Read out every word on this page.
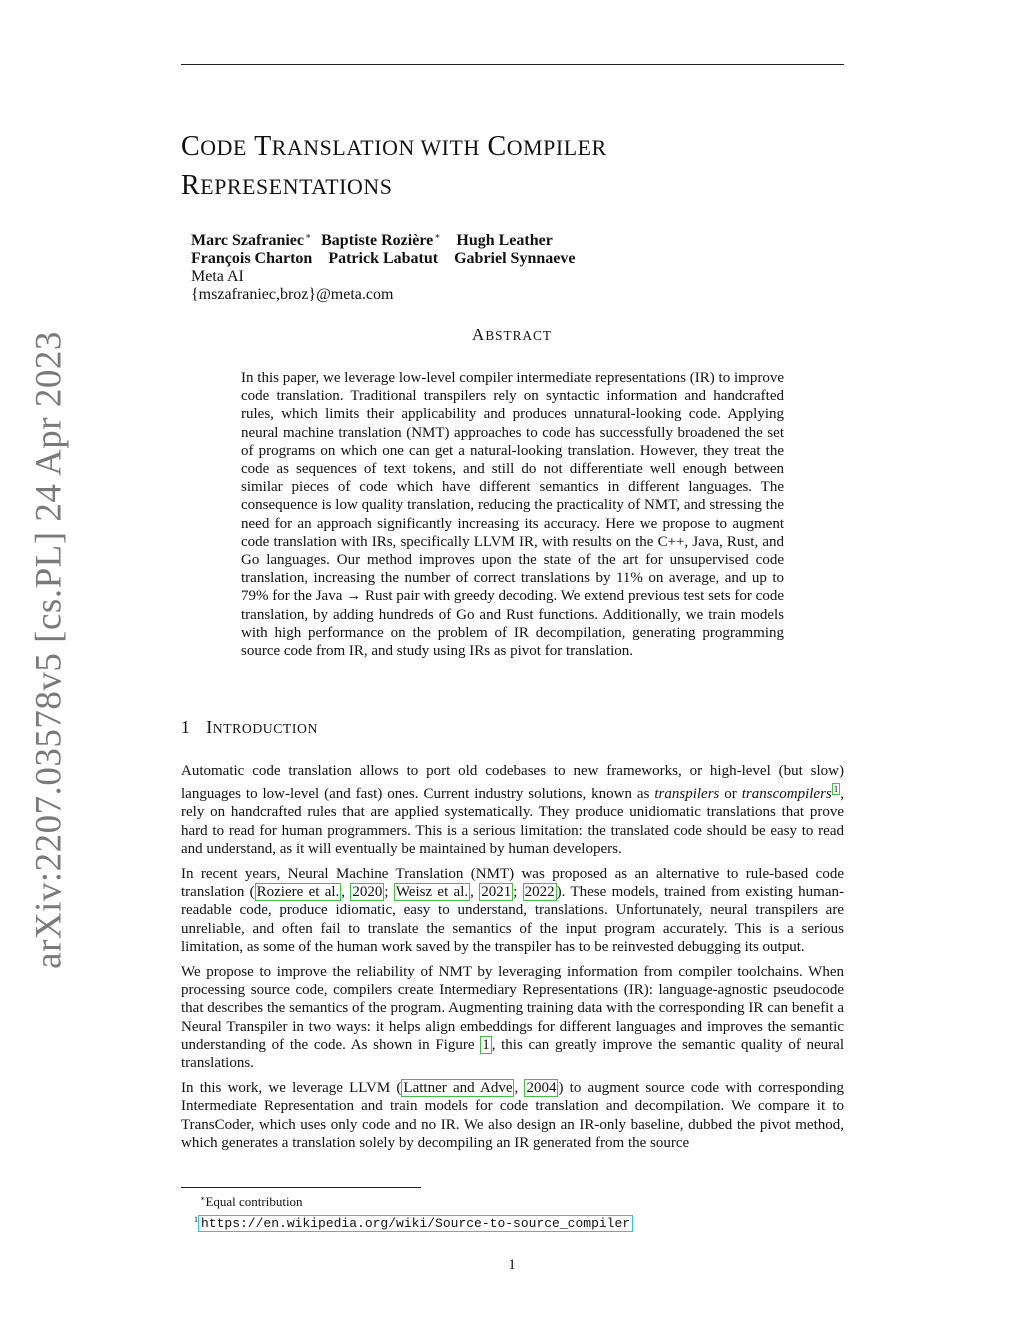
arXiv:2207.03578v5 [cs.PL] 24 Apr 2023
CODE TRANSLATION WITH COMPILER
REPRESENTATIONS
Marc Szafraniec∗ Baptiste Rozière∗ Hugh Leather
François Charton Patrick Labatut Gabriel Synnaeve
Meta AI
{mszafraniec,broz}@meta.com
ABSTRACT

In this paper, we leverage low-level compiler intermediate representations (IR) to improve code translation. Traditional transpilers rely on syntactic information and handcrafted rules, which limits their applicability and produces unnatural-looking code. Applying neural machine translation (NMT) approaches to code has successfully broadened the set of programs on which one can get a natural-looking translation. However, they treat the code as sequences of text tokens, and still do not differentiate well enough between similar pieces of code which have different semantics in different languages. The consequence is low quality translation, reducing the practicality of NMT, and stressing the need for an approach significantly increasing its accuracy. Here we propose to augment code translation with IRs, specifically LLVM IR, with results on the C++, Java, Rust, and Go languages. Our method improves upon the state of the art for unsupervised code translation, increasing the number of correct translations by 11% on average, and up to 79% for the Java → Rust pair with greedy decoding. We extend previous test sets for code translation, by adding hundreds of Go and Rust functions. Additionally, we train models with high performance on the problem of IR decompilation, generating programming source code from IR, and study using IRs as pivot for translation.

1 INTRODUCTION

Automatic code translation allows to port old codebases to new frameworks, or high-level (but slow) languages to low-level (and fast) ones. Current industry solutions, known as transpilers or transcompilers $^1$ , rely on handcrafted rules that are applied systematically. They produce unidiomatic translations that prove hard to read for human programmers. This is a serious limitation: the translated code should be easy to read and understand, as it will eventually be maintained by human developers.

In recent years, Neural Machine Translation (NMT) was proposed as an alternative to rule-based code translation ( Roziere et al. , 2020 ; Weisz et al. , 2021 ; 2022 ). These models, trained from existing human-readable code, produce idiomatic, easy to understand, translations. Unfortunately, neural transpilers are unreliable, and often fail to translate the semantics of the input program accurately. This is a serious limitation, as some of the human work saved by the transpiler has to be reinvested debugging its output.

We propose to improve the reliability of NMT by leveraging information from compiler toolchains. When processing source code, compilers create Intermediary Representations (IR): language-agnostic pseudocode that describes the semantics of the program. Augmenting training data with the corresponding IR can benefit a Neural Transpiler in two ways: it helps align embeddings for different languages and improves the semantic understanding of the code. As shown in Figure 1 , this can greatly improve the semantic quality of neural translations.

In this work, we leverage LLVM ( Lattner and Adve , 2004 ) to augment source code with corresponding Intermediate Representation and train models for code translation and decompilation. We compare it to TransCoder, which uses only code and no IR. We also design an IR-only baseline, dubbed the pivot method, which generates a translation solely by decompiling an IR generated from the source

∗Equal contribution
$^1$ https://en.wikipedia.org/wiki/Source-to-source_compiler
1
